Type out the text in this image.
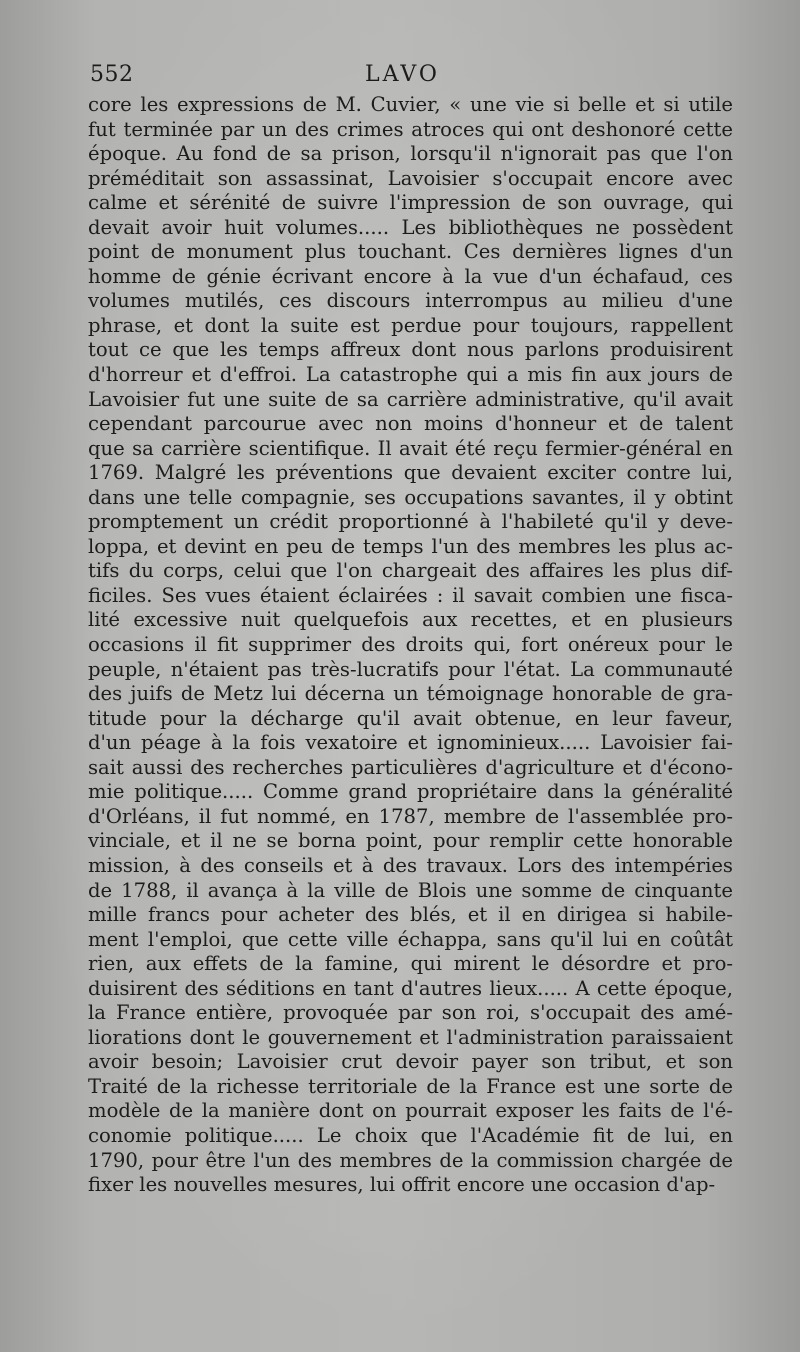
552	LAVO
core les expressions de M. Cuvier, « une vie si belle et si utile
fut terminée par un des crimes atroces qui ont deshonoré cette
époque. Au fond de sa prison, lorsqu'il n'ignorait pas que l'on
préméditait son assassinat, Lavoisier s'occupait encore avec
calme et sérénité de suivre l'impression de son ouvrage, qui
devait avoir huit volumes..... Les bibliothèques ne possèdent
point de monument plus touchant. Ces dernières lignes d'un
homme de génie écrivant encore à la vue d'un échafaud, ces
volumes mutilés, ces discours interrompus au milieu d'une
phrase, et dont la suite est perdue pour toujours, rappellent
tout ce que les temps affreux dont nous parlons produisirent
d'horreur et d'effroi. La catastrophe qui a mis fin aux jours de
Lavoisier fut une suite de sa carrière administrative, qu'il avait
cependant parcourue avec non moins d'honneur et de talent
que sa carrière scientifique. Il avait été reçu fermier-général en
1769. Malgré les préventions que devaient exciter contre lui,
dans une telle compagnie, ses occupations savantes, il y obtint
promptement un crédit proportionné à l'habileté qu'il y deve-
loppa, et devint en peu de temps l'un des membres les plus ac-
tifs du corps, celui que l'on chargeait des affaires les plus dif-
ficiles. Ses vues étaient éclairées : il savait combien une fisca-
lité excessive nuit quelquefois aux recettes, et en plusieurs
occasions il fit supprimer des droits qui, fort onéreux pour le
peuple, n'étaient pas très-lucratifs pour l'état. La communauté
des juifs de Metz lui décerna un témoignage honorable de gra-
titude pour la décharge qu'il avait obtenue, en leur faveur,
d'un péage à la fois vexatoire et ignominieux..... Lavoisier fai-
sait aussi des recherches particulières d'agriculture et d'écono-
mie politique..... Comme grand propriétaire dans la généralité
d'Orléans, il fut nommé, en 1787, membre de l'assemblée pro-
vinciale, et il ne se borna point, pour remplir cette honorable
mission, à des conseils et à des travaux. Lors des intempéries
de 1788, il avança à la ville de Blois une somme de cinquante
mille francs pour acheter des blés, et il en dirigea si habile-
ment l'emploi, que cette ville échappa, sans qu'il lui en coûtât
rien, aux effets de la famine, qui mirent le désordre et pro-
duisirent des séditions en tant d'autres lieux..... A cette époque,
la France entière, provoquée par son roi, s'occupait des amé-
liorations dont le gouvernement et l'administration paraissaient
avoir besoin; Lavoisier crut devoir payer son tribut, et son
Traité de la richesse territoriale de la France est une sorte de
modèle de la manière dont on pourrait exposer les faits de l'é-
conomie politique..... Le choix que l'Académie fit de lui, en
1790, pour être l'un des membres de la commission chargée de
fixer les nouvelles mesures, lui offrit encore une occasion d'ap-
